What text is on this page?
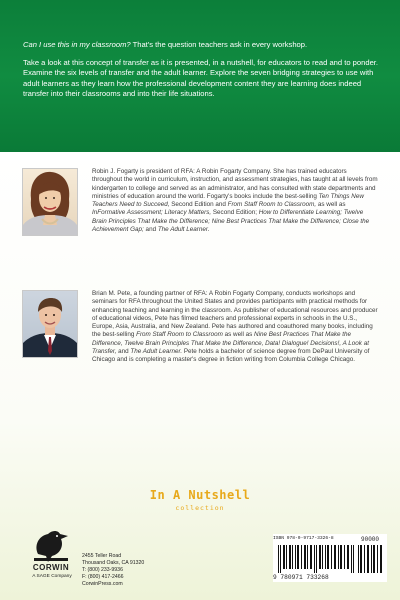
Can I use this in my classroom? That's the question teachers ask in every workshop.
Take a look at this concept of transfer as it is presented, in a nutshell, for educators to read and to ponder. Examine the six levels of transfer and the adult learner. Explore the seven bridging strategies to use with adult learners as they learn how the professional development content they are learning does indeed transfer into their classrooms and into their life situations.
Robin J. Fogarty is president of RFA: A Robin Fogarty Company. She has trained educators throughout the world in curriculum, instruction, and assessment strategies, has taught at all levels from kindergarten to college and served as an administrator, and has consulted with state departments and ministries of education around the world. Fogarty's books include the best-selling Ten Things New Teachers Need to Succeed, Second Edition and From Staff Room to Classroom, as well as InFormative Assessment; Literacy Matters, Second Edition; How to Differentiate Learning; Twelve Brain Principles That Make the Difference; Nine Best Practices That Make the Difference; Close the Achievement Gap; and The Adult Learner.
Brian M. Pete, a founding partner of RFA: A Robin Fogarty Company, conducts workshops and seminars for RFA throughout the United States and provides participants with practical methods for enhancing teaching and learning in the classroom. As publisher of educational resources and producer of educational videos, Pete has filmed teachers and professional experts in schools in the U.S., Europe, Asia, Australia, and New Zealand. Pete has authored and coauthored many books, including the best-selling From Staff Room to Classroom as well as Nine Best Practices That Make the Difference, Twelve Brain Principles That Make the Difference, Data! Dialogue! Decisions!, A Look at Transfer, and The Adult Learner. Pete holds a bachelor of science degree from DePaul University of Chicago and is completing a master's degree in fiction writing from Columbia College Chicago.
In A Nutshell
collection
CORWIN
A SAGE Company
2455 Teller Road
Thousand Oaks, CA 91320
T: (800) 233-9936
F: (800) 417-2466
CorwinPress.com
ISBN 978-0-9717-3326-8	90000
9 780971 733268
